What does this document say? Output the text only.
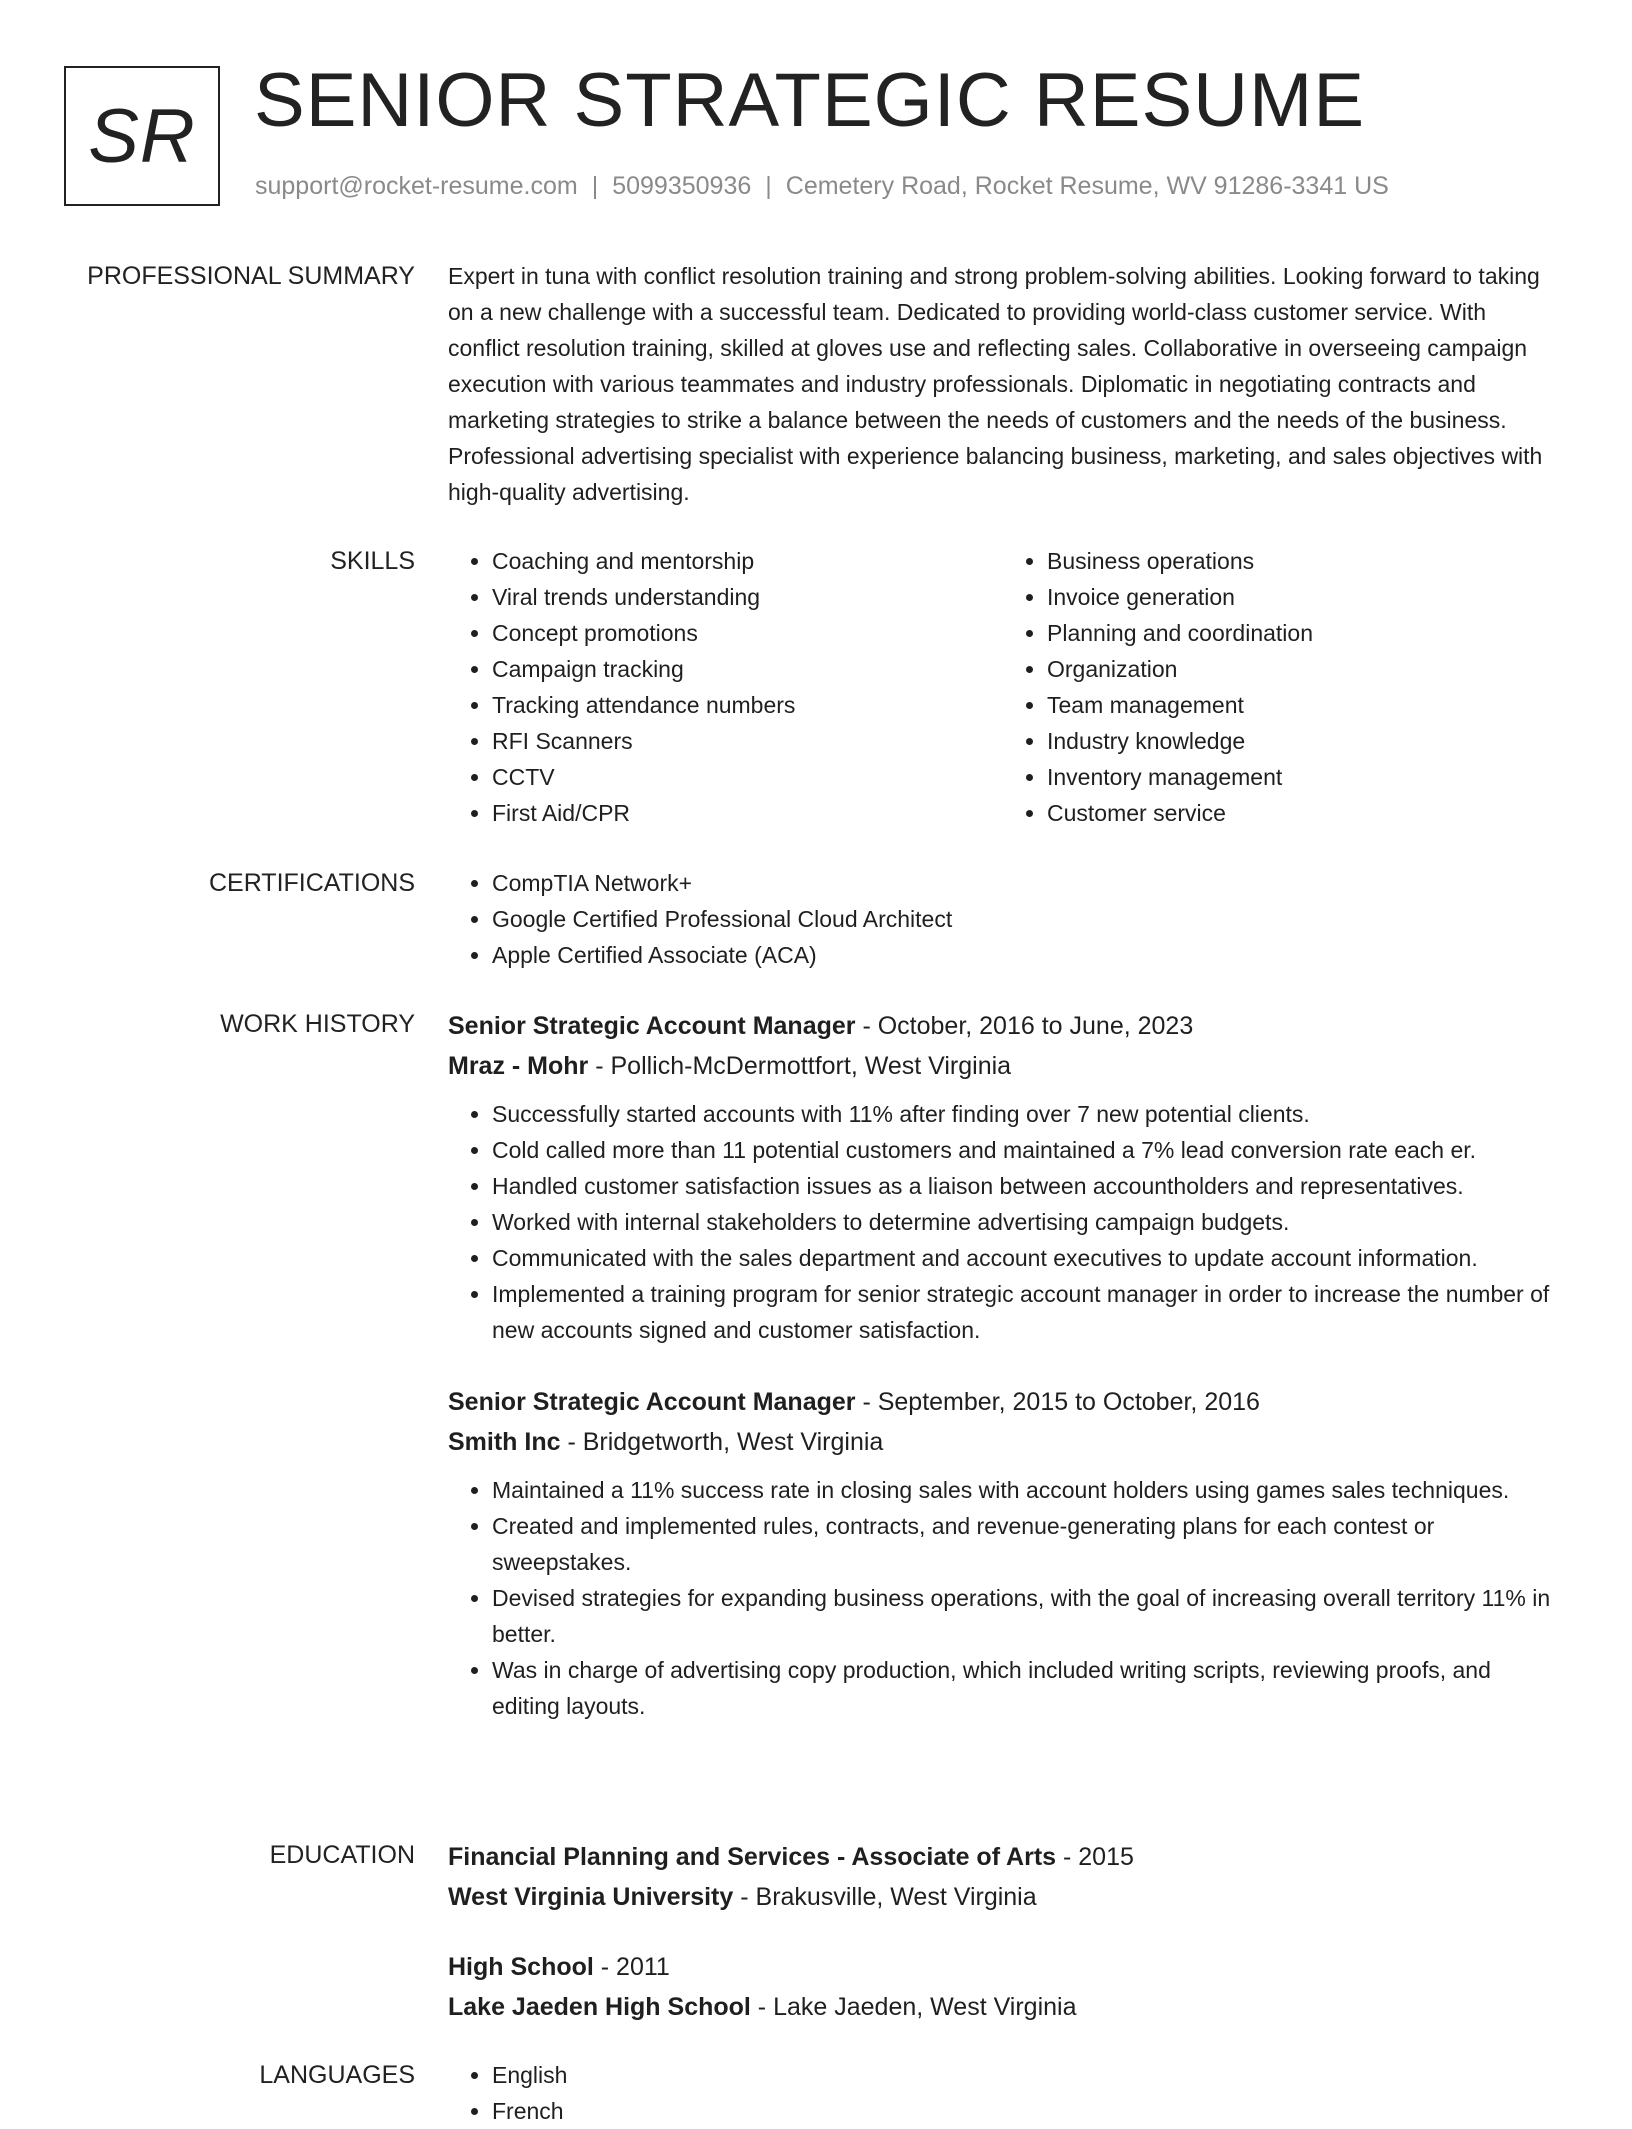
SR SENIOR STRATEGIC RESUME
support@rocket-resume.com | 5099350936 | Cemetery Road, Rocket Resume, WV 91286-3341 US
PROFESSIONAL SUMMARY Expert in tuna with conflict resolution training and strong problem-solving abilities. Looking forward to taking on a new challenge with a successful team. Dedicated to providing world-class customer service. With conflict resolution training, skilled at gloves use and reflecting sales. Collaborative in overseeing campaign execution with various teammates and industry professionals. Diplomatic in negotiating contracts and marketing strategies to strike a balance between the needs of customers and the needs of the business. Professional advertising specialist with experience balancing business, marketing, and sales objectives with high-quality advertising.

SKILLS	• Coaching and mentorship
• Viral trends understanding
• Concept promotions
• Campaign tracking
• Tracking attendance numbers
• RFI Scanners
• CCTV
• First Aid/CPR
• Business operations
• Invoice generation
• Planning and coordination
• Organization
• Team management
• Industry knowledge
• Inventory management
• Customer service
CERTIFICATIONS	• CompTIA Network+
• Google Certified Professional Cloud Architect
• Apple Certified Associate (ACA)
WORK HISTORY Senior Strategic Account Manager - October, 2016 to June, 2023
Mraz - Mohr - Pollich-McDermottfort, West Virginia
• Successfully started accounts with 11% after finding over 7 new potential clients.
• Cold called more than 11 potential customers and maintained a 7% lead conversion rate each er.
• Handled customer satisfaction issues as a liaison between accountholders and representatives.
• Worked with internal stakeholders to determine advertising campaign budgets.
• Communicated with the sales department and account executives to update account information.
• Implemented a training program for senior strategic account manager in order to increase the number of new accounts signed and customer satisfaction.
Senior Strategic Account Manager - September, 2015 to October, 2016
Smith Inc - Bridgetworth, West Virginia
• Maintained a 11% success rate in closing sales with account holders using games sales techniques.
• Created and implemented rules, contracts, and revenue-generating plans for each contest or sweepstakes.
• Devised strategies for expanding business operations, with the goal of increasing overall territory 11% in better.
• Was in charge of advertising copy production, which included writing scripts, reviewing proofs, and editing layouts.
EDUCATION Financial Planning and Services - Associate of Arts - 2015
West Virginia University - Brakusville, West Virginia
High School - 2011
Lake Jaeden High School - Lake Jaeden, West Virginia
LANGUAGES	• English
• French
